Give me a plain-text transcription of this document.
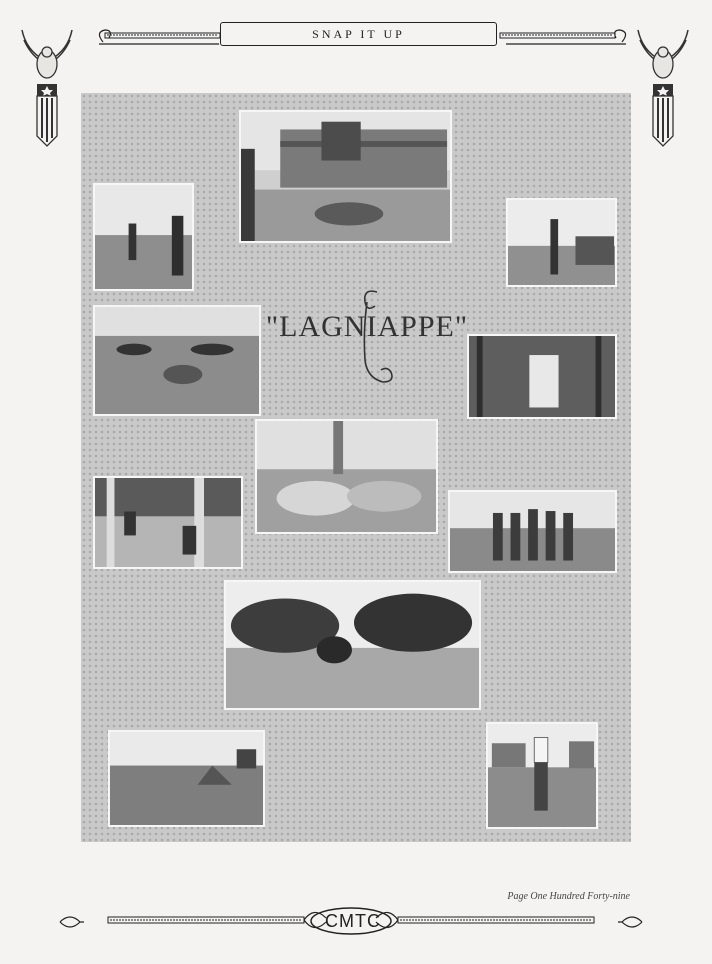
SNAP IT UP
"LAGNIAPPE"
Page One Hundred Forty-nine
CMTC
